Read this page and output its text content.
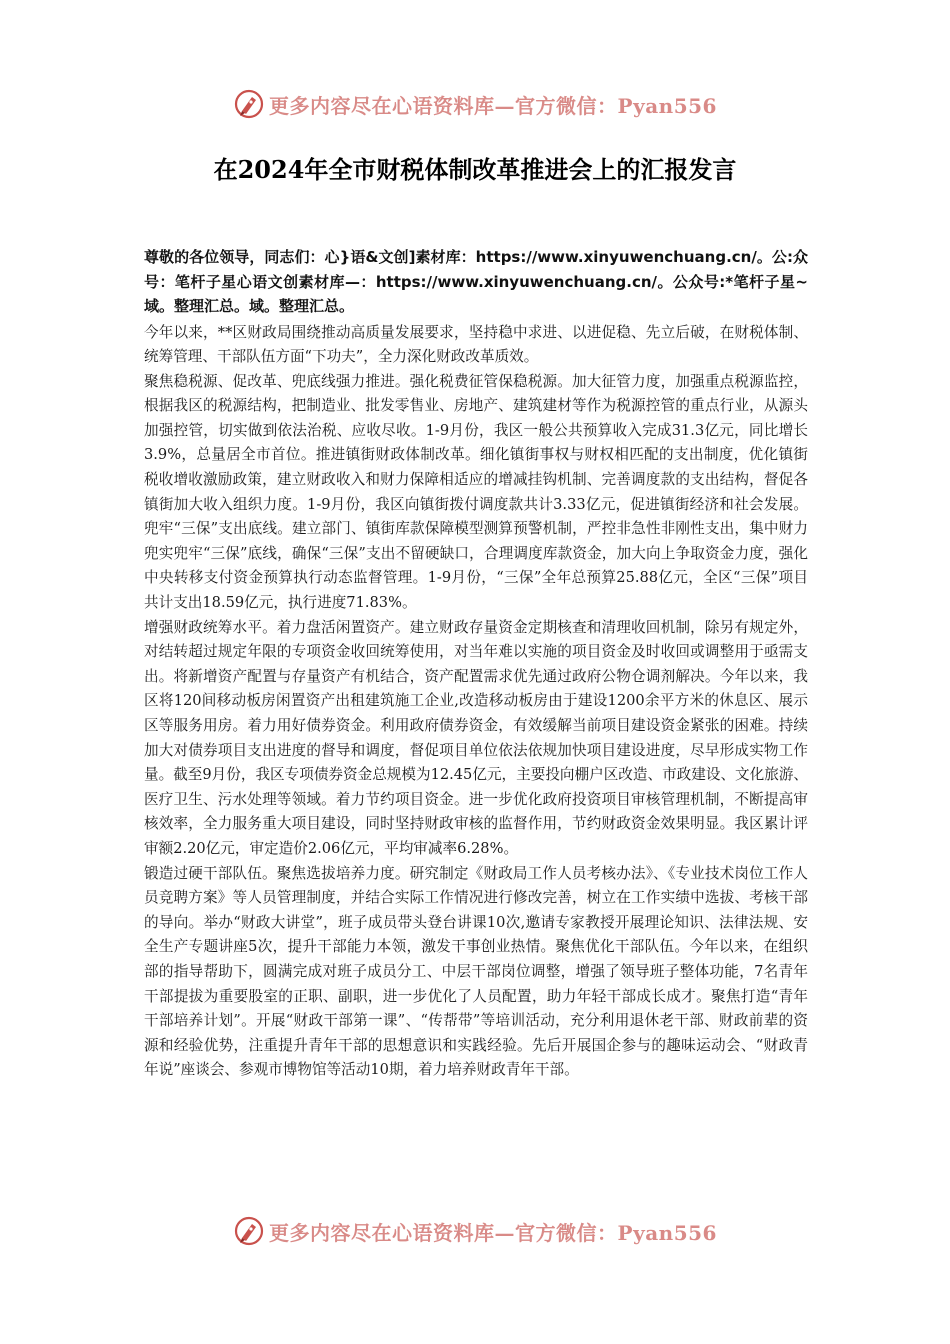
更多内容尽在心语资料库—官方微信：Pyan556
在2024年全市财税体制改革推进会上的汇报发言

尊敬的各位领导，同志们：心}语&文创]素材库：https://www.xinyuwenchuang.cn/。公:众号：笔杆子星心语文创素材库—：https://www.xinyuwenchuang.cn/。公众号:*笔杆子星~域。整理汇总。域。整理汇总。

今年以来，**区财政局围绕推动高质量发展要求，坚持稳中求进、以进促稳、先立后破，在财税体制、统筹管理、干部队伍方面“下功夫”，全力深化财政改革质效。

聚焦稳税源、促改革、兜底线强力推进。强化税费征管保稳税源。加大征管力度，加强重点税源监控，根据我区的税源结构，把制造业、批发零售业、房地产、建筑建材等作为税源控管的重点行业，从源头加强控管，切实做到依法治税、应收尽收。1-9月份，我区一般公共预算收入完成31.3亿元，同比增长3.9%，总量居全市首位。推进镇街财政体制改革。细化镇街事权与财权相匹配的支出制度，优化镇街税收增收激励政策，建立财政收入和财力保障相适应的增减挂钩机制、完善调度款的支出结构，督促各镇街加大收入组织力度。1-9月份，我区向镇街拨付调度款共计3.33亿元，促进镇街经济和社会发展。兜牢“三保”支出底线。建立部门、镇街库款保障模型测算预警机制，严控非急性非刚性支出，集中财力兜实兜牢“三保”底线，确保“三保”支出不留硬缺口，合理调度库款资金，加大向上争取资金力度，强化中央转移支付资金预算执行动态监督管理。1-9月份，“三保”全年总预算25.88亿元，全区“三保”项目共计支出18.59亿元，执行进度71.83%。

增强财政统筹水平。着力盘活闲置资产。建立财政存量资金定期核查和清理收回机制，除另有规定外，对结转超过规定年限的专项资金收回统筹使用，对当年难以实施的项目资金及时收回或调整用于亟需支出。将新增资产配置与存量资产有机结合，资产配置需求优先通过政府公物仓调剂解决。今年以来，我区将120间移动板房闲置资产出租建筑施工企业,改造移动板房由于建设1200余平方米的休息区、展示区等服务用房。着力用好债券资金。利用政府债券资金，有效缓解当前项目建设资金紧张的困难。持续加大对债券项目支出进度的督导和调度，督促项目单位依法依规加快项目建设进度，尽早形成实物工作量。截至9月份，我区专项债券资金总规模为12.45亿元，主要投向棚户区改造、市政建设、文化旅游、医疗卫生、污水处理等领域。着力节约项目资金。进一步优化政府投资项目审核管理机制，不断提高审核效率，全力服务重大项目建设，同时坚持财政审核的监督作用，节约财政资金效果明显。我区累计评审额2.20亿元，审定造价2.06亿元，平均审减率6.28%。

锻造过硬干部队伍。聚焦选拔培养力度。研究制定《财政局工作人员考核办法》、《专业技术岗位工作人员竞聘方案》等人员管理制度，并结合实际工作情况进行修改完善，树立在工作实绩中选拔、考核干部的导向。举办“财政大讲堂”，班子成员带头登台讲课10次,邀请专家教授开展理论知识、法律法规、安全生产专题讲座5次，提升干部能力本领，激发干事创业热情。聚焦优化干部队伍。今年以来，在组织部的指导帮助下，圆满完成对班子成员分工、中层干部岗位调整，增强了领导班子整体功能，7名青年干部提拔为重要股室的正职、副职，进一步优化了人员配置，助力年轻干部成长成才。聚焦打造“青年干部培养计划”。开展“财政干部第一课”、“传帮带”等培训活动，充分利用退休老干部、财政前辈的资源和经验优势，注重提升青年干部的思想意识和实践经验。先后开展国企参与的趣味运动会、“财政青年说”座谈会、参观市博物馆等活动10期，着力培养财政青年干部。

更多内容尽在心语资料库—官方微信：Pyan556
